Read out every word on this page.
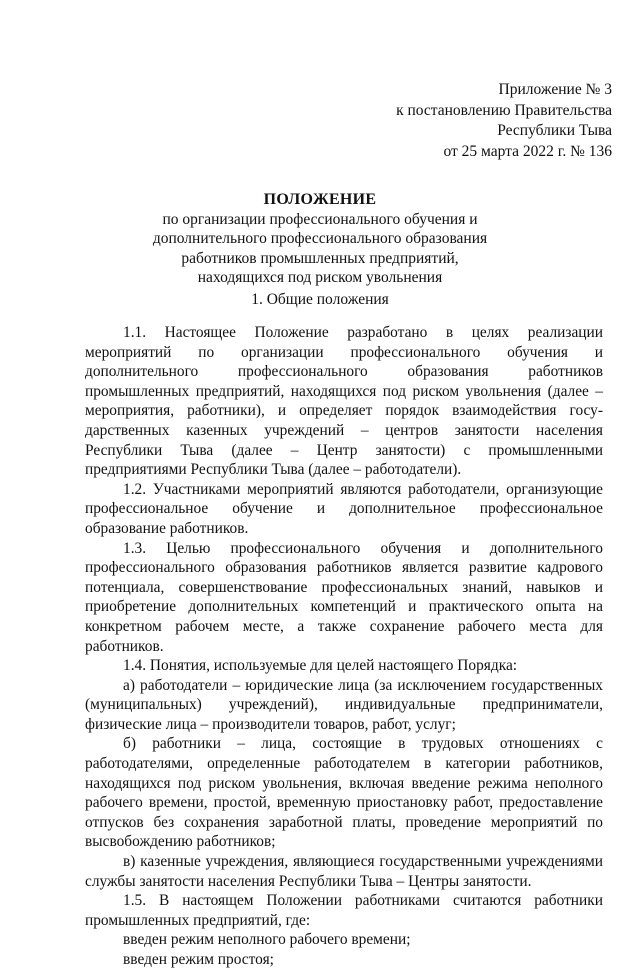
Приложение № 3
к постановлению Правительства
Республики Тыва
от 25 марта 2022 г. № 136
ПОЛОЖЕНИЕ
по организации профессионального обучения и
дополнительного профессионального образования
работников промышленных предприятий,
находящихся под риском увольнения
1. Общие положения

1.1. Настоящее Положение разработано в целях реализации мероприятий по организации профессионального обучения и дополнительного профессионального образования работников промышленных предприятий, находящихся под риском увольнения (далее – мероприятия, работники), и определяет порядок взаимодействия государственных казенных учреждений – центров занятости населения Республики Тыва (далее – Центр занятости) с промышленными предприятиями Республики Тыва (далее – работодатели).

1.2. Участниками мероприятий являются работодатели, организующие профессиональное обучение и дополнительное профессиональное образование работников.

1.3. Целью профессионального обучения и дополнительного профессионального образования работников является развитие кадрового потенциала, совершенствование профессиональных знаний, навыков и приобретение дополнительных компетенций и практического опыта на конкретном рабочем месте, а также сохранение рабочего места для работников.

1.4. Понятия, используемые для целей настоящего Порядка:

а) работодатели – юридические лица (за исключением государственных (муниципальных) учреждений), индивидуальные предприниматели, физические лица – производители товаров, работ, услуг;

б) работники – лица, состоящие в трудовых отношениях с работодателями, определенные работодателем в категории работников, находящихся под риском увольнения, включая введение режима неполного рабочего времени, простой, временную приостановку работ, предоставление отпусков без сохранения заработной платы, проведение мероприятий по высвобождению работников;

в) казенные учреждения, являющиеся государственными учреждениями службы занятости населения Республики Тыва – Центры занятости.

1.5. В настоящем Положении работниками считаются работники промышленных предприятий, где:

введен режим неполного рабочего времени;

введен режим простоя;
